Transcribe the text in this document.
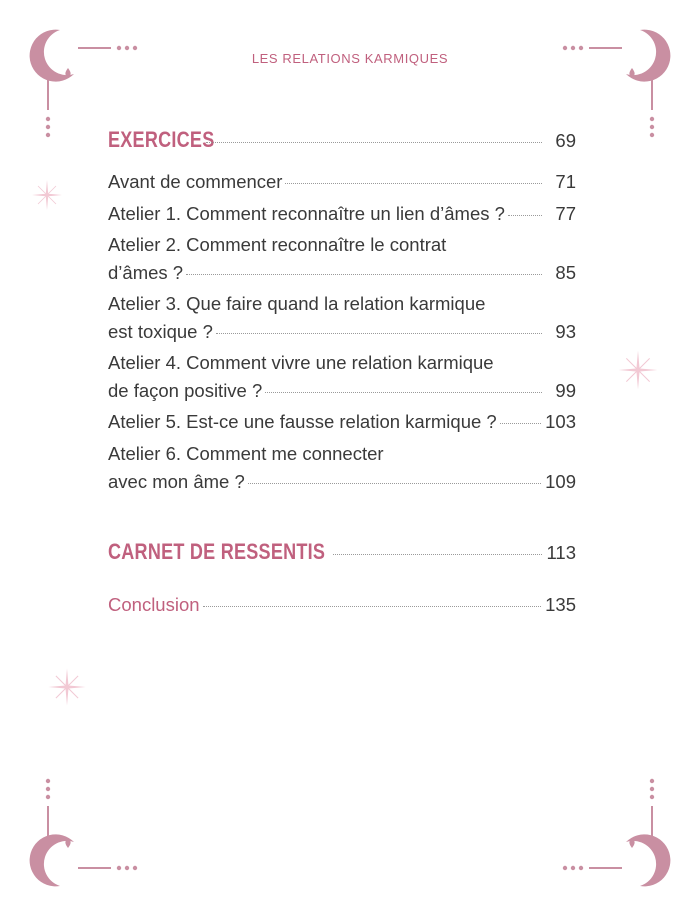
LES RELATIONS KARMIQUES
EXERCICES	69
Avant de commencer	71
Atelier 1. Comment reconnaître un lien d’âmes ?	77
Atelier 2. Comment reconnaître le contrat
d’âmes ?	85
Atelier 3. Que faire quand la relation karmique
est toxique ?	93
Atelier 4. Comment vivre une relation karmique
de façon positive ?	99
Atelier 5. Est-ce une fausse relation karmique ?	103
Atelier 6. Comment me connecter
avec mon âme ?	109
CARNET DE RESSENTIS	113
Conclusion	135
